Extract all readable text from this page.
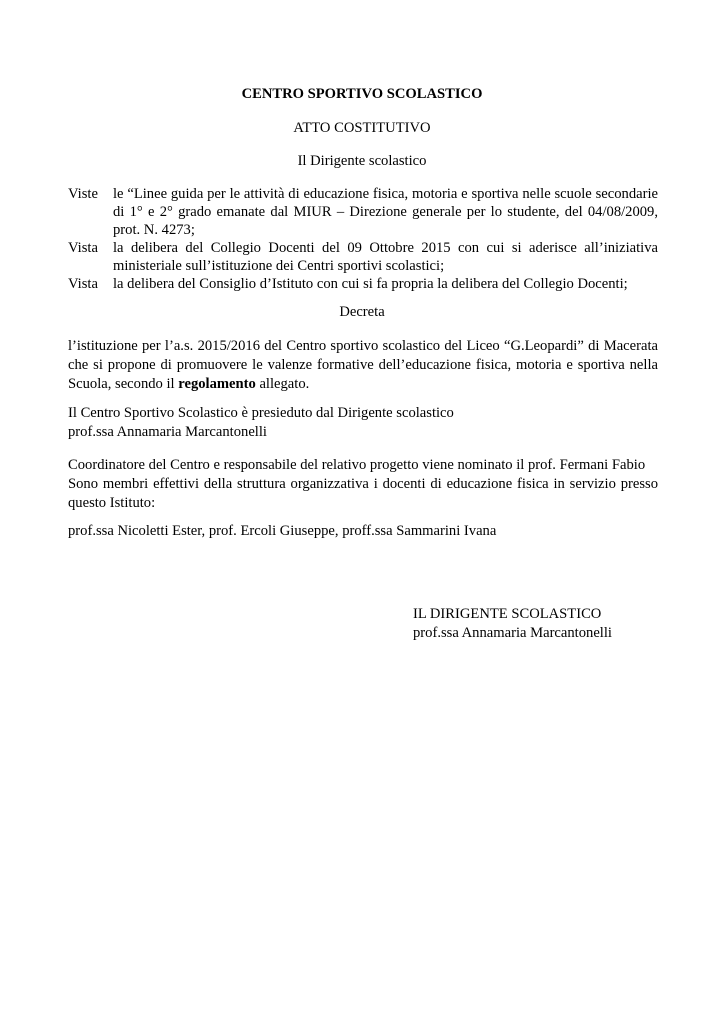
CENTRO SPORTIVO SCOLASTICO
ATTO COSTITUTIVO
Il Dirigente scolastico
Viste	le “Linee guida per le attività di educazione fisica, motoria e sportiva nelle scuole secondarie
di 1° e 2° grado emanate dal MIUR – Direzione generale per lo studente, del 04/08/2009,
prot. N. 4273;
Vista	la delibera del Collegio Docenti del 09 Ottobre 2015 con cui si aderisce all’iniziativa
ministeriale sull’istituzione dei Centri sportivi scolastici;
Vista	la delibera del Consiglio d’Istituto con cui si fa propria la delibera del Collegio Docenti;
Decreta
l’istituzione per l’a.s. 2015/2016 del Centro sportivo scolastico del Liceo “G.Leopardi” di Macerata
che si propone di promuovere le valenze formative dell’educazione fisica, motoria e sportiva nella
Scuola, secondo il regolamento allegato.
Il Centro Sportivo Scolastico è presieduto dal Dirigente scolastico
prof.ssa Annamaria Marcantonelli
Coordinatore del Centro e responsabile del relativo progetto viene nominato il prof. Fermani Fabio
Sono membri effettivi della struttura organizzativa i docenti di educazione fisica in servizio presso
questo Istituto:
prof.ssa Nicoletti Ester, prof. Ercoli Giuseppe, proff.ssa Sammarini Ivana
IL DIRIGENTE SCOLASTICO
prof.ssa Annamaria Marcantonelli
